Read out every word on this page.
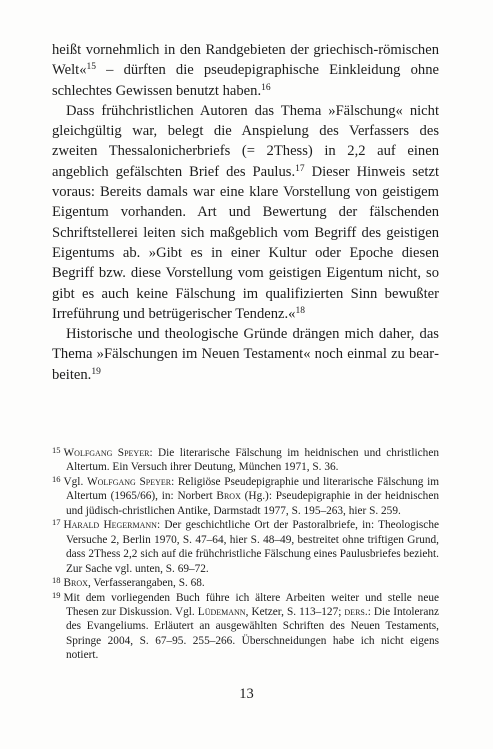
heißt vornehmlich in den Randgebieten der griechisch-römischen Welt«$^{15}$ – dürften die pseudepigraphische Einkleidung ohne schlechtes Gewissen benutzt haben.$^{16}$

Dass frühchristlichen Autoren das Thema »Fälschung« nicht gleichgültig war, belegt die Anspielung des Verfassers des zweiten Thessalonicherbriefs (= 2Thess) in 2,2 auf einen angeblich gefälschten Brief des Paulus.$^{17}$ Dieser Hinweis setzt voraus: Bereits damals war eine klare Vorstellung von geistigem Eigentum vorhanden. Art und Bewertung der fälschenden Schriftstellerei leiten sich maßgeblich vom Begriff des geistigen Eigentums ab. »Gibt es in einer Kultur oder Epoche diesen Begriff bzw. diese Vorstellung vom geistigen Eigentum nicht, so gibt es auch keine Fälschung im qualifizierten Sinn bewußter Irreführung und betrügerischer Tendenz.«$^{18}$

Historische und theologische Gründe drängen mich daher, das Thema »Fälschungen im Neuen Testament« noch einmal zu bearbeiten.$^{19}$

$^{15}$ Wolfgang Speyer: Die literarische Fälschung im heidnischen und christlichen Altertum. Ein Versuch ihrer Deutung, München 1971, S. 36.
$^{16}$ Vgl. Wolfgang Speyer: Religiöse Pseudepigraphie und literarische Fälschung im Altertum (1965/66), in: Norbert Brox (Hg.): Pseudepigraphie in der heidnischen und jüdisch-christlichen Antike, Darmstadt 1977, S. 195–263, hier S. 259.
$^{17}$ Harald Hegermann: Der geschichtliche Ort der Pastoralbriefe, in: Theologische Versuche 2, Berlin 1970, S. 47–64, hier S. 48–49, bestreitet ohne triftigen Grund, dass 2Thess 2,2 sich auf die frühchristliche Fälschung eines Paulusbriefes bezieht. Zur Sache vgl. unten, S. 69–72.
$^{18}$ Brox, Verfasserangaben, S. 68.
$^{19}$ Mit dem vorliegenden Buch führe ich ältere Arbeiten weiter und stelle neue Thesen zur Diskussion. Vgl. Lüdemann, Ketzer, S. 113–127; ders.: Die Intoleranz des Evangeliums. Erläutert an ausgewählten Schriften des Neuen Testaments, Springe 2004, S. 67–95. 255–266. Überschneidungen habe ich nicht eigens notiert.
13
